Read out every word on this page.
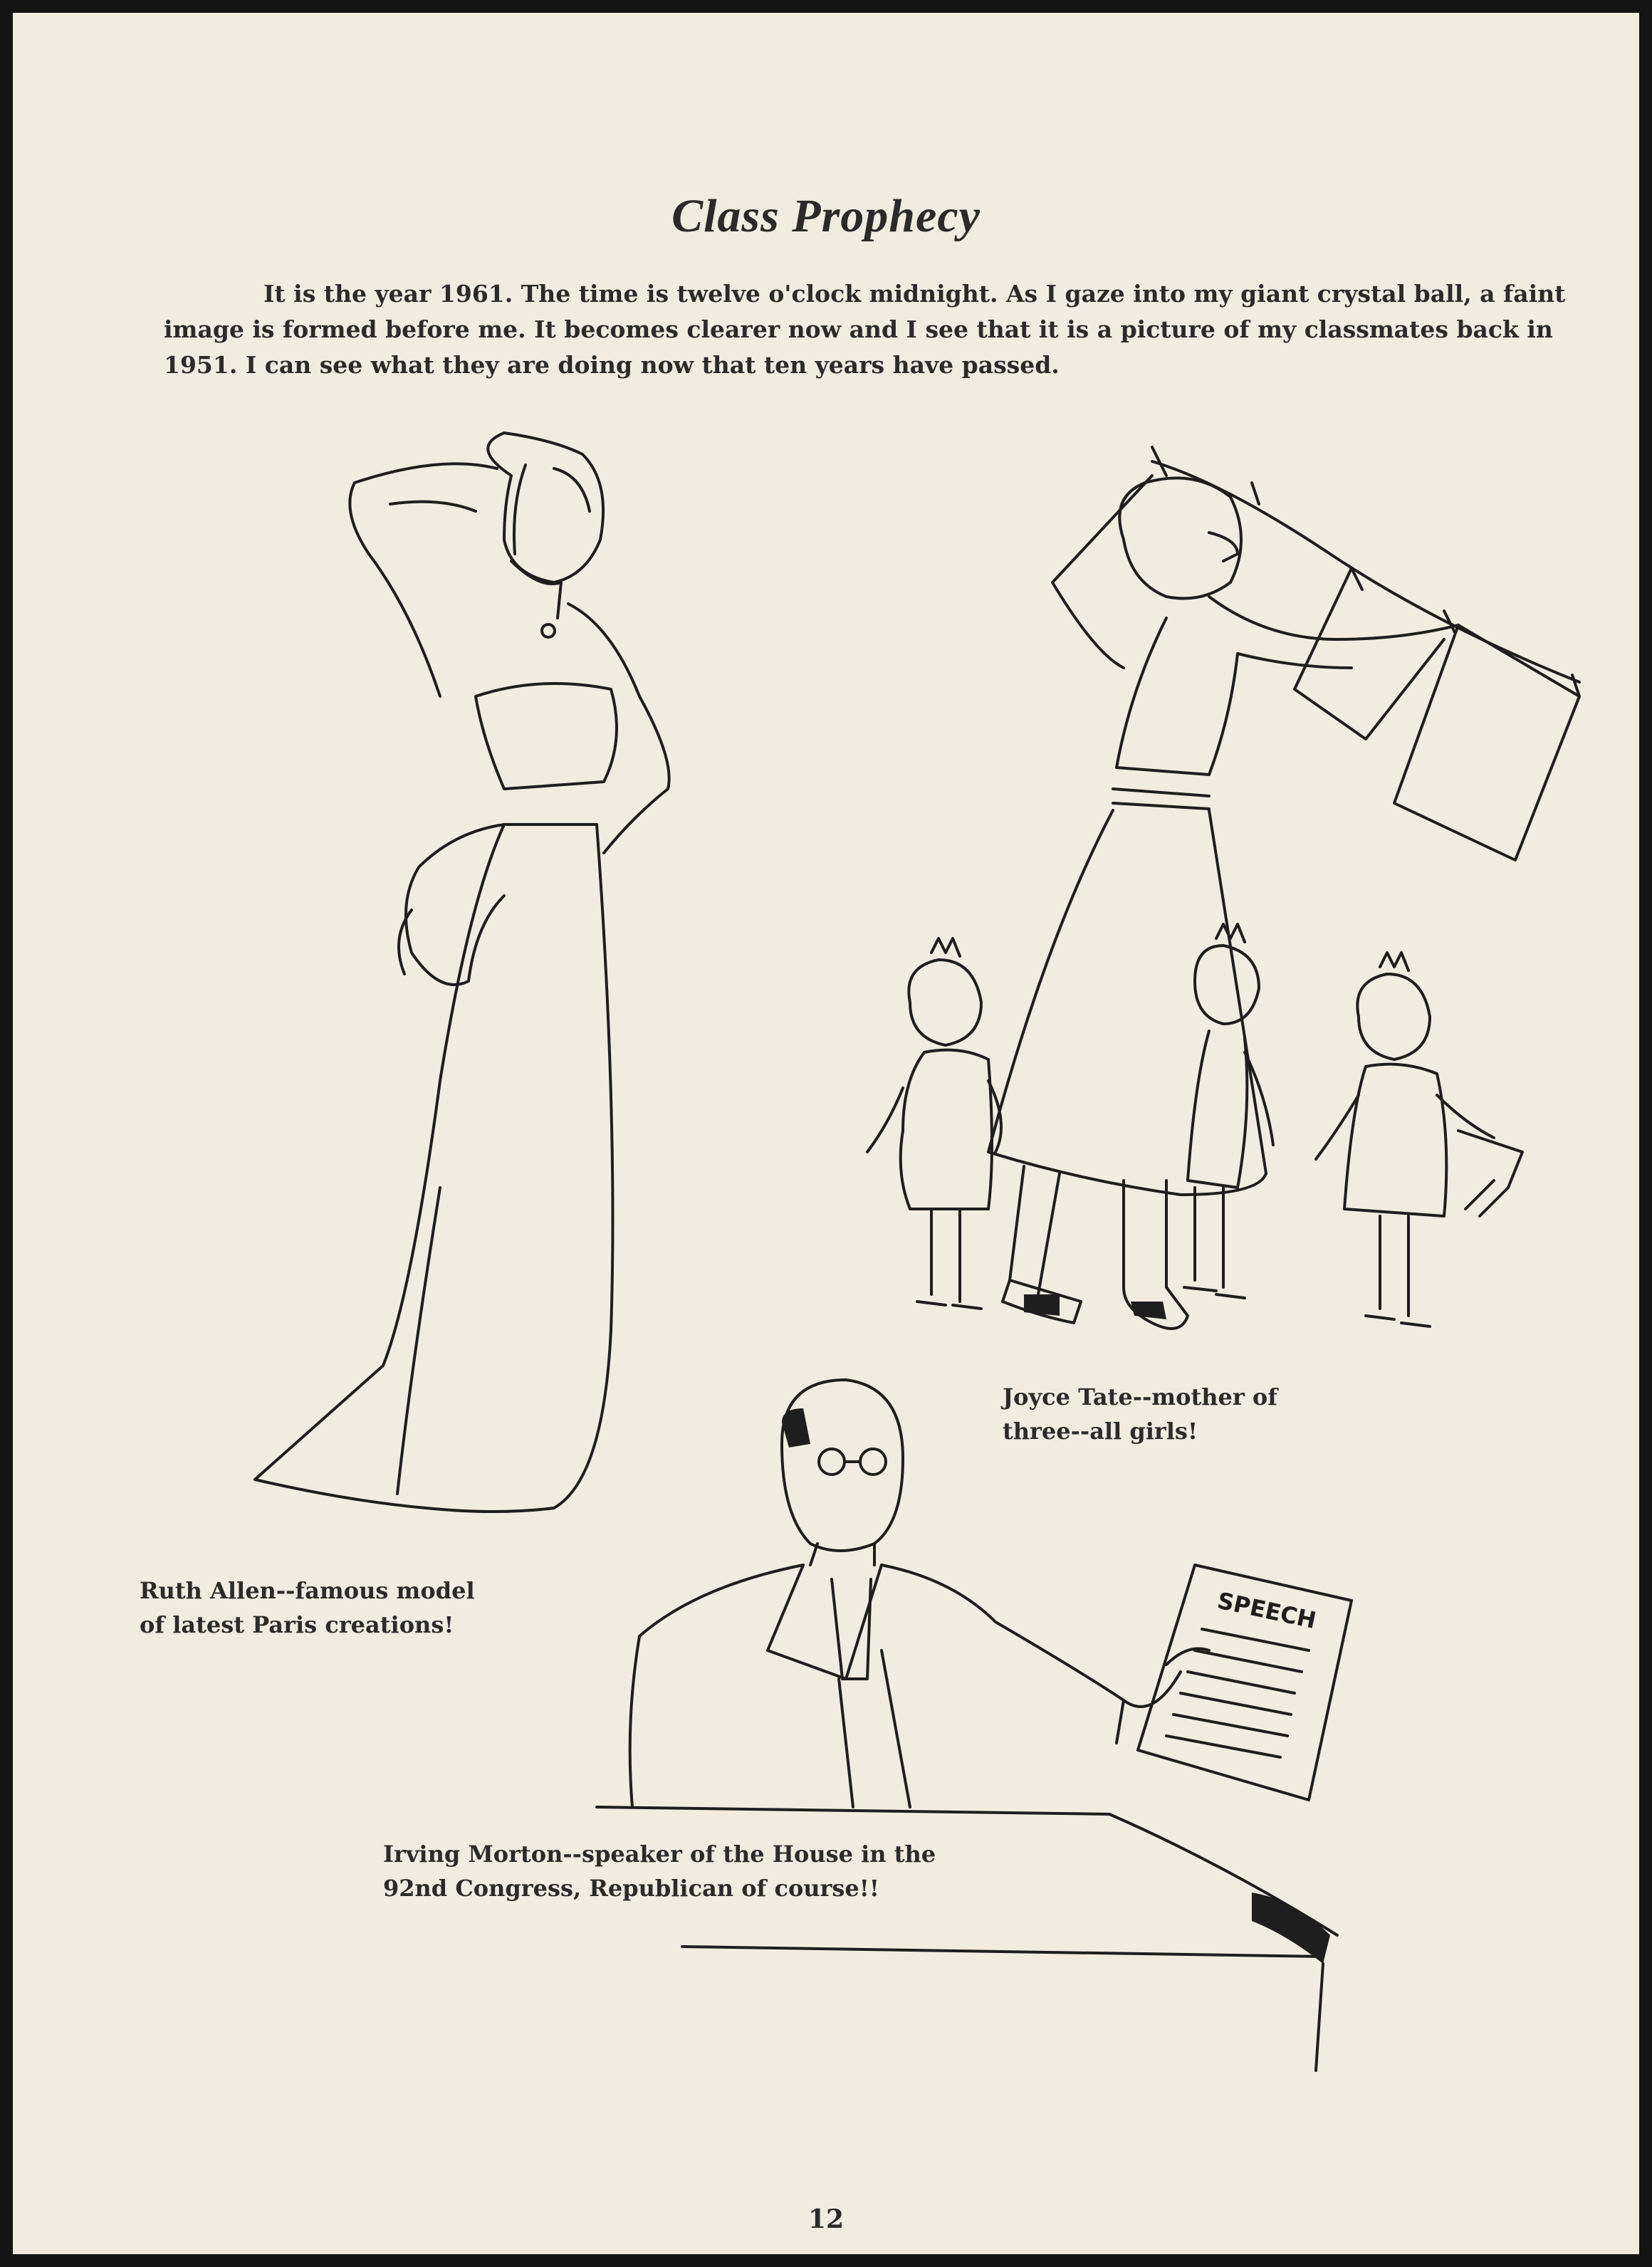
Class Prophecy

It is the year 1961. The time is twelve o'clock midnight. As I gaze into my giant crystal ball, a faint image is formed before me. It becomes clearer now and I see that it is a picture of my classmates back in 1951. I can see what they are doing now that ten years have passed.

SPEECH

Joyce Tate--mother of
three--all girls!

Ruth Allen--famous model
of latest Paris creations!

Irving Morton--speaker of the House in the
92nd Congress, Republican of course!!

12
